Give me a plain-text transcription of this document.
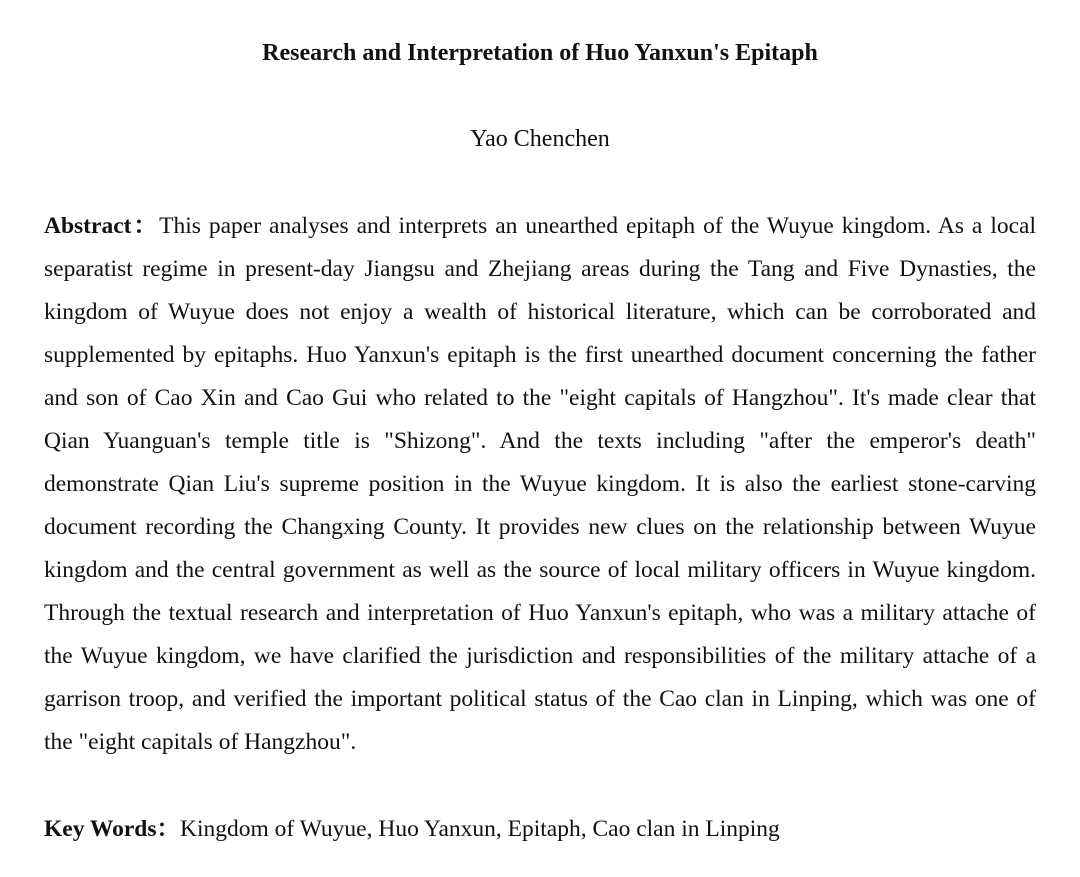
Research and Interpretation of Huo Yanxun's Epitaph

Yao Chenchen

Abstract：This paper analyses and interprets an unearthed epitaph of the Wuyue kingdom. As a local separatist regime in present-day Jiangsu and Zhejiang areas during the Tang and Five Dynasties, the kingdom of Wuyue does not enjoy a wealth of historical literature, which can be corroborated and supplemented by epitaphs. Huo Yanxun's epitaph is the first unearthed document concerning the father and son of Cao Xin and Cao Gui who related to the "eight capitals of Hangzhou". It's made clear that Qian Yuanguan's temple title is "Shizong". And the texts including "after the emperor's death" demonstrate Qian Liu's supreme position in the Wuyue kingdom. It is also the earliest stone-carving document recording the Changxing County. It provides new clues on the relationship between Wuyue kingdom and the central government as well as the source of local military officers in Wuyue kingdom. Through the textual research and interpretation of Huo Yanxun's epitaph, who was a military attache of the Wuyue kingdom, we have clarified the jurisdiction and responsibilities of the military attache of a garrison troop, and verified the important political status of the Cao clan in Linping, which was one of the "eight capitals of Hangzhou".

Key Words：Kingdom of Wuyue, Huo Yanxun, Epitaph, Cao clan in Linping
